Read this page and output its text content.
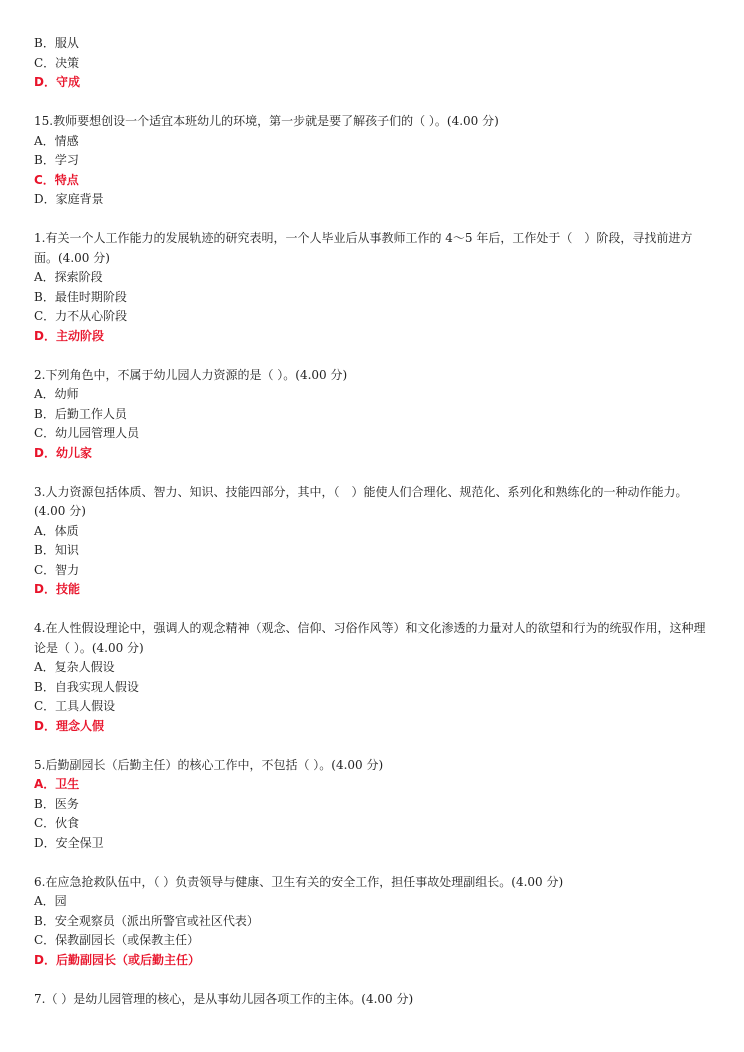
B．服从
C．决策
D．守成
15.教师要想创设一个适宜本班幼儿的环境，第一步就是要了解孩子们的（ ）。(4.00 分)
A．情感
B．学习
C．特点
D．家庭背景
1.有关一个人工作能力的发展轨迹的研究表明，一个人毕业后从事教师工作的 4～5 年后，工作处于（　）阶段，寻找前进方面。(4.00 分)
A．探索阶段
B．最佳时期阶段
C．力不从心阶段
D．主动阶段
2.下列角色中，不属于幼儿园人力资源的是（ ）。(4.00 分)
A．幼师
B．后勤工作人员
C．幼儿园管理人员
D．幼儿家
3.人力资源包括体质、智力、知识、技能四部分，其中，（　）能使人们合理化、规范化、系列化和熟练化的一种动作能力。(4.00 分)
A．体质
B．知识
C．智力
D．技能
4.在人性假设理论中，强调人的观念精神（观念、信仰、习俗作风等）和文化渗透的力量对人的欲望和行为的统驭作用，这种理论是（ ）。(4.00 分)
A．复杂人假设
B．自我实现人假设
C．工具人假设
D．理念人假
5.后勤副园长（后勤主任）的核心工作中，不包括（ ）。(4.00 分)
A．卫生
B．医务
C．伙食
D．安全保卫
6.在应急抢救队伍中，（ ）负责领导与健康、卫生有关的安全工作，担任事故处理副组长。(4.00 分)
A．园
B．安全观察员（派出所警官或社区代表）
C．保教副园长（或保教主任）
D．后勤副园长（或后勤主任）
7.（ ）是幼儿园管理的核心，是从事幼儿园各项工作的主体。(4.00 分)
